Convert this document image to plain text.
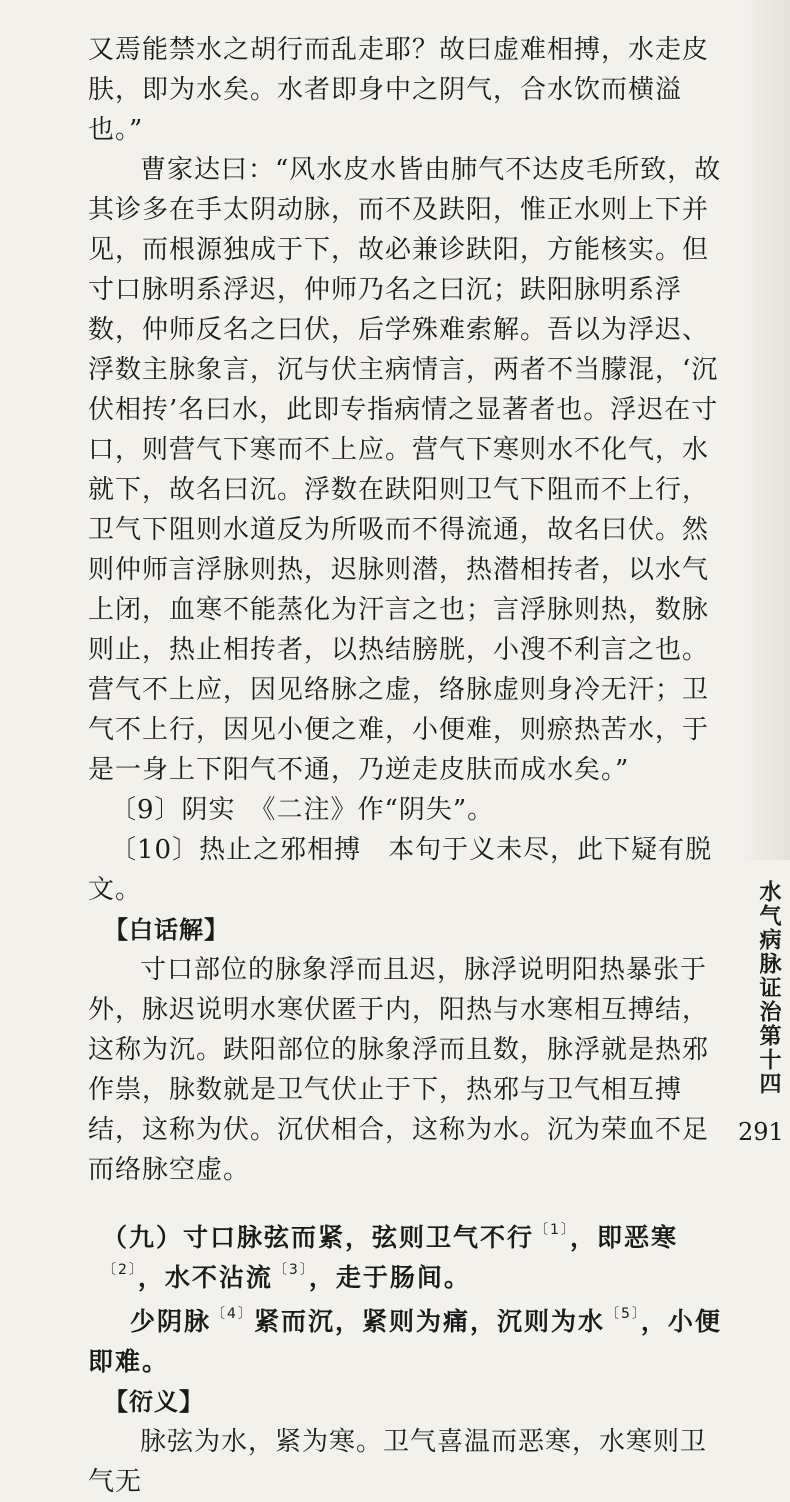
又焉能禁水之胡行而乱走耶？故曰虚难相搏，水走皮肤，即为水矣。水者即身中之阴气，合水饮而横溢也。”

曹家达曰：“风水皮水皆由肺气不达皮毛所致，故其诊多在手太阴动脉，而不及趺阳，惟正水则上下并见，而根源独成于下，故必兼诊趺阳，方能核实。但寸口脉明系浮迟，仲师乃名之曰沉；趺阳脉明系浮数，仲师反名之曰伏，后学殊难索解。吾以为浮迟、浮数主脉象言，沉与伏主病情言，两者不当朦混，‘沉伏相抟’名曰水，此即专指病情之显著者也。浮迟在寸口，则营气下寒而不上应。营气下寒则水不化气，水就下，故名曰沉。浮数在趺阳则卫气下阻而不上行，卫气下阻则水道反为所吸而不得流通，故名曰伏。然则仲师言浮脉则热，迟脉则潜，热潜相抟者，以水气上闭，血寒不能蒸化为汗言之也；言浮脉则热，数脉则止，热止相抟者，以热结膀胱，小溲不利言之也。营气不上应，因见络脉之虚，络脉虚则身冷无汗；卫气不上行，因见小便之难，小便难，则瘀热苦水，于是一身上下阳气不通，乃逆走皮肤而成水矣。”

〔9〕阴实　《二注》作“阴失”。

〔10〕热止之邪相搏　本句于义未尽，此下疑有脱文。

【白话解】

寸口部位的脉象浮而且迟，脉浮说明阳热暴张于外，脉迟说明水寒伏匿于内，阳热与水寒相互搏结，这称为沉。趺阳部位的脉象浮而且数，脉浮就是热邪作祟，脉数就是卫气伏止于下，热邪与卫气相互搏结，这称为伏。沉伏相合，这称为水。沉为荣血不足而络脉空虚。

（九）寸口脉弦而紧，弦则卫气不行$^{〔1〕}$，即恶寒$^{〔2〕}$，水不沾流$^{〔3〕}$，走于肠间。

少阴脉$^{〔4〕}$紧而沉，紧则为痛，沉则为水$^{〔5〕}$，小便即难。

【衍义】

脉弦为水，紧为寒。卫气喜温而恶寒，水寒则卫气无

水气病脉证治第十四
291
